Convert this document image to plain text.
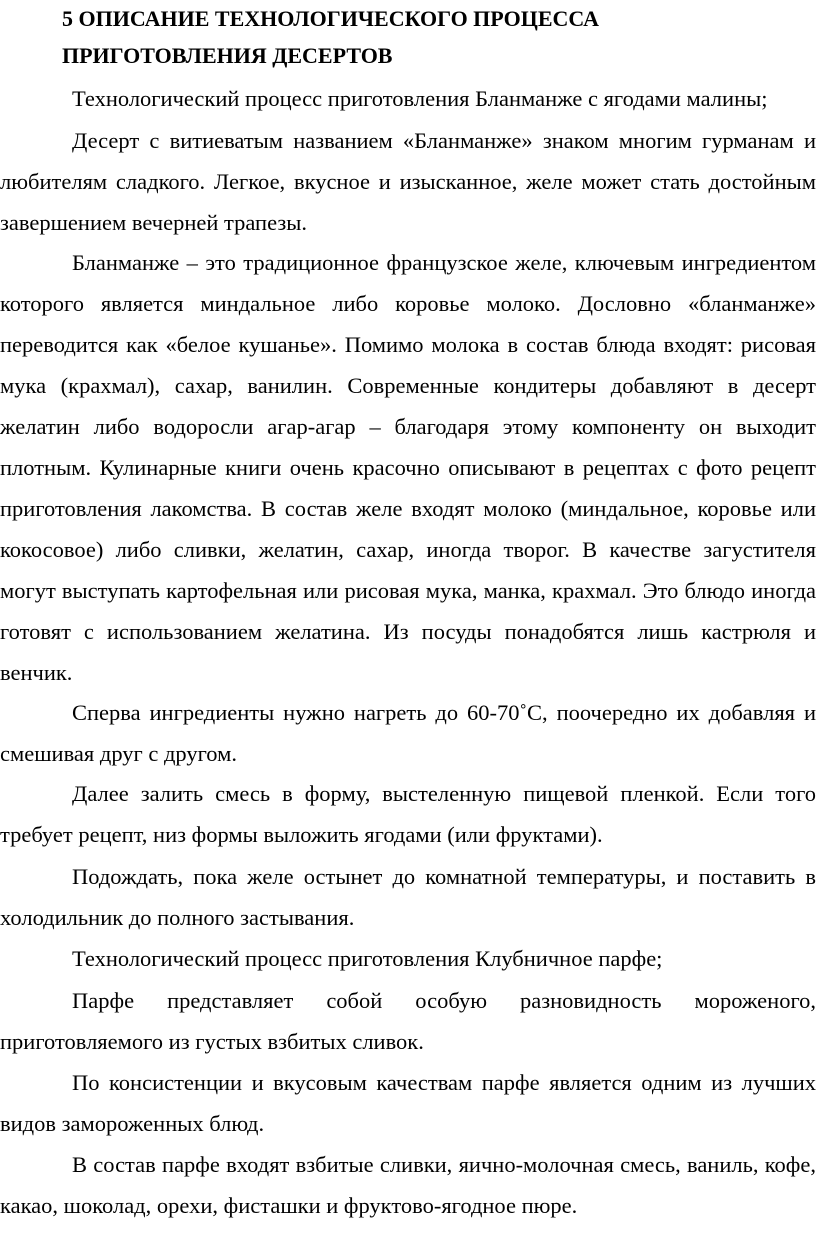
5 ОПИСАНИЕ ТЕХНОЛОГИЧЕСКОГО ПРОЦЕССА
ПРИГОТОВЛЕНИЯ ДЕСЕРТОВ

Технологический процесс приготовления Бланманже с ягодами малины;

Десерт с витиеватым названием «Бланманже» знаком многим гурманам и любителям сладкого. Легкое, вкусное и изысканное, желе может стать достойным завершением вечерней трапезы.

Бланманже – это традиционное французское желе, ключевым ингредиентом которого является миндальное либо коровье молоко. Дословно «бланманже» переводится как «белое кушанье». Помимо молока в состав блюда входят: рисовая мука (крахмал), сахар, ванилин. Современные кондитеры добавляют в десерт желатин либо водоросли агар-агар – благодаря этому компоненту он выходит плотным. Кулинарные книги очень красочно описывают в рецептах с фото рецепт приготовления лакомства. В состав желе входят молоко (миндальное, коровье или кокосовое) либо сливки, желатин, сахар, иногда творог. В качестве загустителя могут выступать картофельная или рисовая мука, манка, крахмал. Это блюдо иногда готовят с использованием желатина. Из посуды понадобятся лишь кастрюля и венчик.

Сперва ингредиенты нужно нагреть до 60-70˚С, поочередно их добавляя и смешивая друг с другом.

Далее залить смесь в форму, выстеленную пищевой пленкой. Если того требует рецепт, низ формы выложить ягодами (или фруктами).

Подождать, пока желе остынет до комнатной температуры, и поставить в холодильник до полного застывания.

Технологический процесс приготовления Клубничное парфе;

Парфе представляет собой особую разновидность мороженого, приготовляемого из густых взбитых сливок.

По консистенции и вкусовым качествам парфе является одним из лучших видов замороженных блюд.

В состав парфе входят взбитые сливки, яично-молочная смесь, ваниль, кофе, какао, шоколад, орехи, фисташки и фруктово-ягодное пюре.
